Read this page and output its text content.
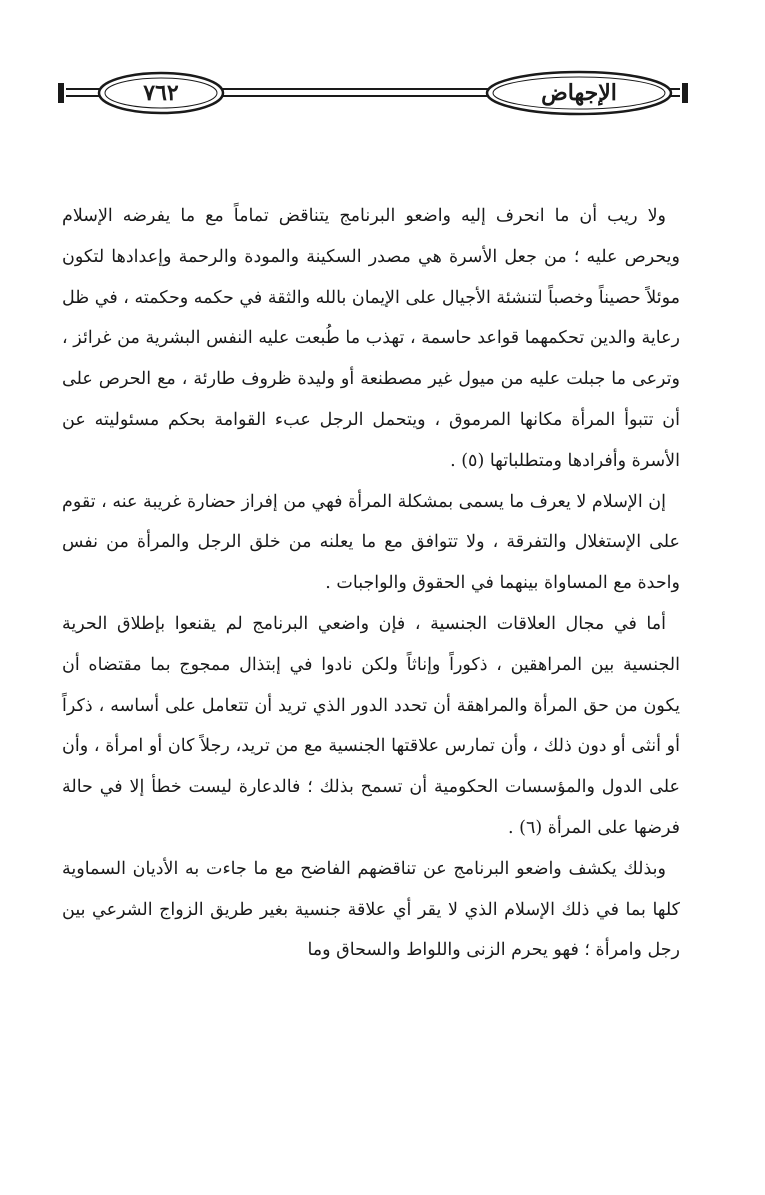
٧٦٢	الإجهاض

ولا ريب أن ما انحرف إليه واضعو البرنامج يتناقض تماماً مع ما يفرضه الإسلام ويحرص عليه ؛ من جعل الأسرة هي مصدر السكينة والمودة والرحمة وإعدادها لتكون موئلاً حصيناً وخصباً لتنشئة الأجيال على الإيمان بالله والثقة في حكمه وحكمته ، في ظل رعاية والدين تحكمهما قواعد حاسمة ، تهذب ما طُبعت عليه النفس البشرية من غرائز ، وترعى ما جبلت عليه من ميول غير مصطنعة أو وليدة ظروف طارئة ، مع الحرص على أن تتبوأ المرأة مكانها المرموق ، ويتحمل الرجل عبء القوامة بحكم مسئوليته عن الأسرة وأفرادها ومتطلباتها (٥) .

إن الإسلام لا يعرف ما يسمى بمشكلة المرأة فهي من إفراز حضارة غريبة عنه ، تقوم على الإستغلال والتفرقة ، ولا تتوافق مع ما يعلنه من خلق الرجل والمرأة من نفس واحدة مع المساواة بينهما في الحقوق والواجبات .

أما في مجال العلاقات الجنسية ، فإن واضعي البرنامج لم يقنعوا بإطلاق الحرية الجنسية بين المراهقين ، ذكوراً وإناثاً ولكن نادوا في إبتذال ممجوج بما مقتضاه أن يكون من حق المرأة والمراهقة أن تحدد الدور الذي تريد أن تتعامل على أساسه ، ذكراً أو أنثى أو دون ذلك ، وأن تمارس علاقتها الجنسية مع من تريد، رجلاً كان أو امرأة ، وأن على الدول والمؤسسات الحكومية أن تسمح بذلك ؛ فالدعارة ليست خطأ إلا في حالة فرضها على المرأة (٦) .

وبذلك يكشف واضعو البرنامج عن تناقضهم الفاضح مع ما جاءت به الأديان السماوية كلها بما في ذلك الإسلام الذي لا يقر أي علاقة جنسية بغير طريق الزواج الشرعي بين رجل وامرأة ؛ فهو يحرم الزنى واللواط والسحاق وما
